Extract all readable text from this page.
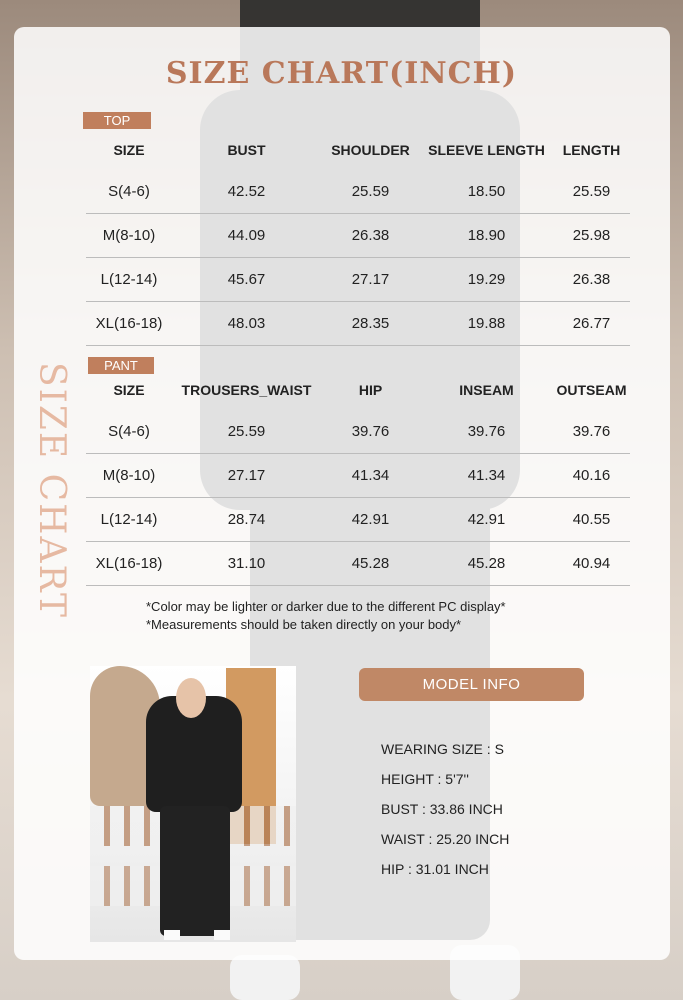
SIZE CHART(INCH)
SIZE CHART
TOP
SIZE	BUST	SHOULDER	SLEEVE LENGTH	LENGTH
S(4-6)	42.52	25.59	18.50	25.59
M(8-10)	44.09	26.38	18.90	25.98
L(12-14)	45.67	27.17	19.29	26.38
XL(16-18)	48.03	28.35	19.88	26.77
PANT
SIZE	TROUSERS_WAIST	HIP	INSEAM	OUTSEAM
S(4-6)	25.59	39.76	39.76	39.76
M(8-10)	27.17	41.34	41.34	40.16
L(12-14)	28.74	42.91	42.91	40.55
XL(16-18)	31.10	45.28	45.28	40.94
*Color may be lighter or darker due to the different PC display*
*Measurements should be taken directly on your body*
MODEL INFO
WEARING SIZE : S
HEIGHT : 5'7''
BUST : 33.86 INCH
WAIST : 25.20 INCH
HIP : 31.01 INCH
